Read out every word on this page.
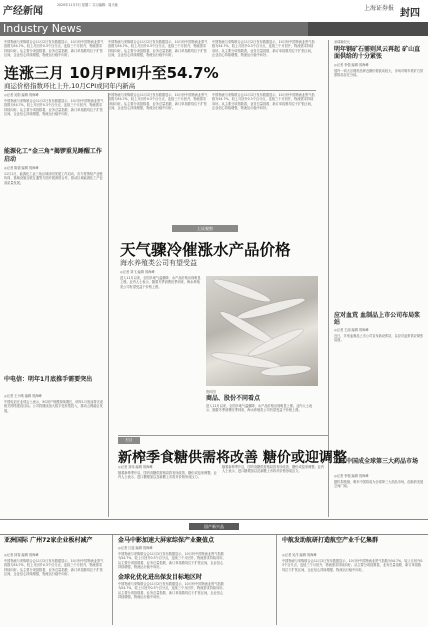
产经新闻
2020年11月3日 星期二 实习编辑：周天驰	上海证券报 封四
Industry News
中国物流与采购联合会11月2日发布数据显示，10月份中国物流业景气指数为54.7%，较上月回升0.3个百分点，连续三个月回升，物流需求持续向好。从主要分项指数看，业务总量指数、新订单指数均位于扩张区间，企业信心持续增强，物流运行稳中向好。
中国物流与采购联合会11月2日发布数据显示，10月份中国物流业景气指数为54.7%，较上月回升0.3个百分点，连续三个月回升，物流需求持续向好。从主要分项指数看，业务总量指数、新订单指数均位于扩张区间，企业信心持续增强，物流运行稳中向好。
中国物流与采购联合会11月2日发布数据显示，10月份中国物流业景气指数为54.7%，较上月回升0.3个百分点，连续三个月回升，物流需求持续向好。从主要分项指数看，业务总量指数、新订单指数均位于扩张区间，企业信心持续增强，物流运行稳中向好。
连涨三月 10月PMI升至54.7%
商运价格指数环比上升,10月CPI或同年内新高
◎记者 吴皓 编辑 郭海峰
中国物流与采购联合会11月2日发布数据显示，10月份中国物流业景气指数为54.7%，较上月回升0.3个百分点，连续三个月回升，物流需求持续向好。从主要分项指数看，业务总量指数、新订单指数均位于扩张区间，企业信心持续增强，物流运行稳中向好。
中国物流与采购联合会11月2日发布数据显示，10月份中国物流业景气指数为54.7%，较上月回升0.3个百分点，连续三个月回升，物流需求持续向好。从主要分项指数看，业务总量指数、新订单指数均位于扩张区间，企业信心持续增强，物流运行稳中向好。
中国物流与采购联合会11月2日发布数据显示，10月份中国物流业景气指数为54.7%，较上月回升0.3个百分点，连续三个月回升，物流需求持续向好。从主要分项指数看，业务总量指数、新订单指数均位于扩张区间，企业信心持续增强，物流运行稳中向好。
能源化工“金三角”揭锣重见睡醒工作启动
◎记者 陈德 编辑 郭海峰
11月1日，能源化工金三角区域协同发展工作启动，各方将围绕产业链协同、基础设施互联互通等方面开展深度合作，推动区域能源化工产业高质量发展。
中电信：明年1月底推手需要突出
◎记者 王小路 编辑 郭海峰
中国电信在业绩会上表示，5G用户规模持续增长，明年1月底前将完成相关网络建设目标。公司将继续加大数字化转型投入，推动云网融合发展。
上证观察
天气骤冷催涨水产品价格
海水养殖类公司有望受益
◎记者 刘飞 编辑 郭海峰
进入11月以来，全国多地气温骤降，水产品价格出现明显上涨。业内人士表示，随着冬季消费旺季到来，海水养殖类公司有望受益于价格上涨。
资料图
商品、股份不同看点
进入11月以来，全国多地气温骤降，水产品价格出现明显上涨。业内人士表示，随着冬季消费旺季到来，海水养殖类公司有望受益于价格上涨。
栏目
新榨季食糖供需将改善 糖价或迎调整
◎记者 刘伟 编辑 郭海峰
随着新榨季开启，国内食糖供需格局将有所改善，糖价或迎来调整。业内人士表示，进口糖增加以及新糖上市将对价格形成压力。
随着新榨季开启，国内食糖供需格局将有所改善，糖价或迎来调整。业内人士表示，进口糖增加以及新糖上市将对价格形成压力。
冰球新纪元
明年钢矿石需则风云再起 矿山直面供给的十分紧张
◎记者 李强 编辑 郭海峰
国内一项大宗期货品种近期价格波动较大，市场对明年铁矿石供需格局存在分歧。
应对血荒 血制品上市公司布局浆站
◎记者 王丽 编辑 郭海峰
近日，多家血制品上市公司宣布新设浆站，以应对血浆供应紧张局面。
明年中国成全球第三大药品市场
◎记者 李强 编辑 郭海峰
据机构预测，明年中国将成为全球第三大药品市场，创新药发展空间广阔。
国产新兴品
亚洲国际 广州72家企业板村减产
◎记者 林春 编辑 郭海峰
中国物流与采购联合会11月2日发布数据显示，10月份中国物流业景气指数为54.7%，较上月回升0.3个百分点，连续三个月回升，物流需求持续向好。从主要分项指数看，业务总量指数、新订单指数均位于扩张区间，企业信心持续增强，物流运行稳中向好。
金马中影加速大屏家综保产业聚值点
◎记者 江蓝 编辑 郭海峰
中国物流与采购联合会11月2日发布数据显示，10月份中国物流业景气指数为54.7%，较上月回升0.3个百分点，连续三个月回升，物流需求持续向好。从主要分项指数看，业务总量指数、新订单指数均位于扩张区间，企业信心持续增强，物流运行稳中向好。
金球化优化进出保发目标地区时
中国物流与采购联合会11月2日发布数据显示，10月份中国物流业景气指数为54.7%，较上月回升0.3个百分点，连续三个月回升，物流需求持续向好。从主要分项指数看，业务总量指数、新订单指数均位于扩张区间，企业信心持续增强，物流运行稳中向好。
中航发助航研打造航空产业千亿集群
◎记者 吴洋 编辑 郭海峰
中国物流与采购联合会11月2日发布数据显示，10月份中国物流业景气指数为54.7%，较上月回升0.3个百分点，连续三个月回升，物流需求持续向好。从主要分项指数看，业务总量指数、新订单指数均位于扩张区间，企业信心持续增强，物流运行稳中向好。
